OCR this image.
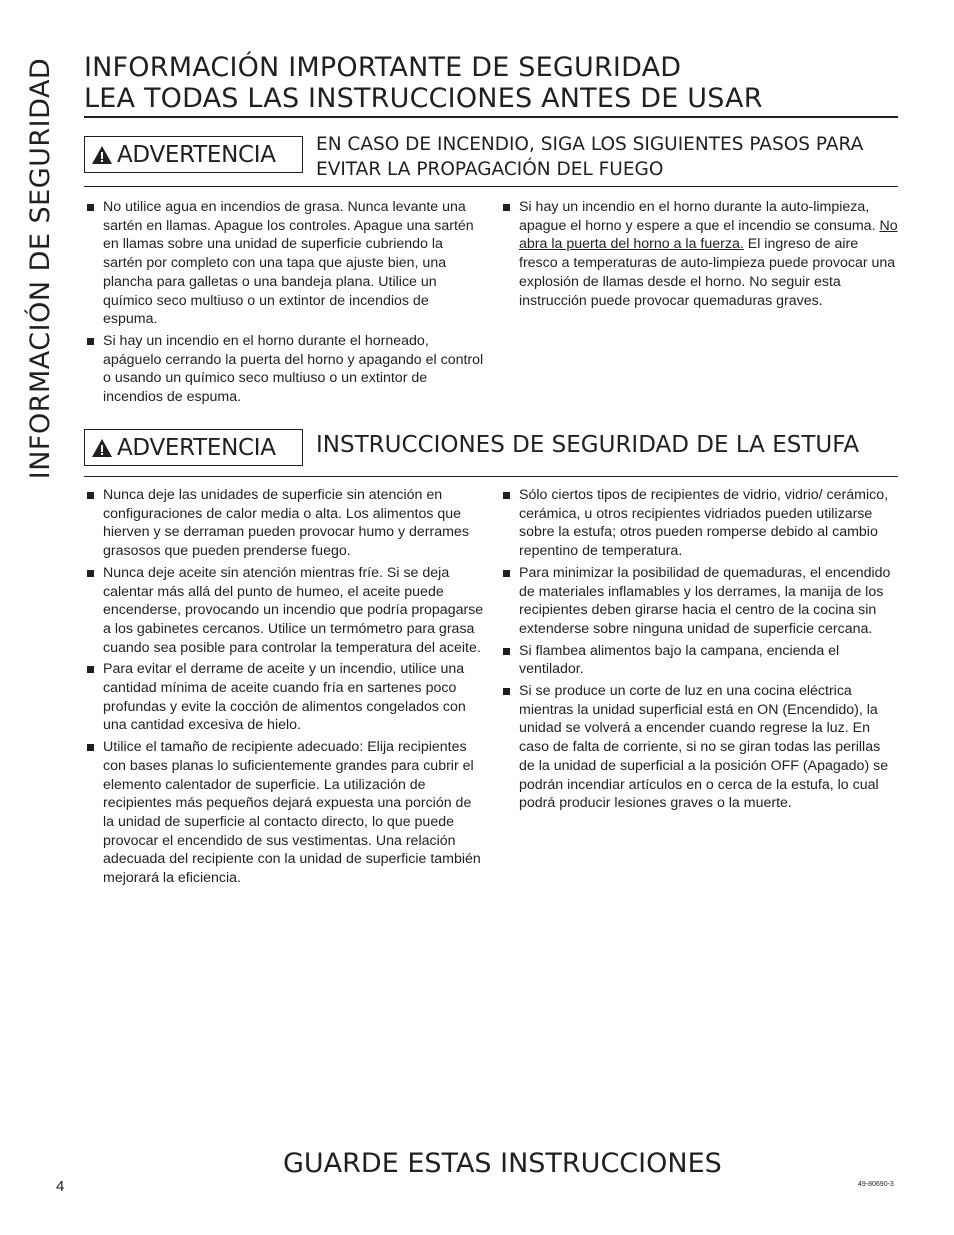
INFORMACIÓN DE SEGURIDAD INFORMACIÓN IMPORTANTE DE SEGURIDAD
LEA TODAS LAS INSTRUCCIONES ANTES DE USAR
ADVERTENCIA EN CASO DE INCENDIO, SIGA LOS SIGUIENTES PASOS PARA
EVITAR LA PROPAGACIÓN DEL FUEGO
No utilice agua en incendios de grasa. Nunca levante una sartén en llamas. Apague los controles. Apague una sartén en llamas sobre una unidad de superficie cubriendo la sartén por completo con una tapa que ajuste bien, una plancha para galletas o una bandeja plana. Utilice un químico seco multiuso o un extintor de incendios de espuma.
Si hay un incendio en el horno durante el horneado, apáguelo cerrando la puerta del horno y apagando el control o usando un químico seco multiuso o un extintor de incendios de espuma.
Si hay un incendio en el horno durante la auto-limpieza, apague el horno y espere a que el incendio se consuma. No abra la puerta del horno a la fuerza. El ingreso de aire fresco a temperaturas de auto-limpieza puede provocar una explosión de llamas desde el horno. No seguir esta instrucción puede provocar quemaduras graves.
ADVERTENCIA INSTRUCCIONES DE SEGURIDAD DE LA ESTUFA
Nunca deje las unidades de superficie sin atención en configuraciones de calor media o alta. Los alimentos que hierven y se derraman pueden provocar humo y derrames grasosos que pueden prenderse fuego.
Nunca deje aceite sin atención mientras fríe. Si se deja calentar más allá del punto de humeo, el aceite puede encenderse, provocando un incendio que podría propagarse a los gabinetes cercanos. Utilice un termómetro para grasa cuando sea posible para controlar la temperatura del aceite.
Para evitar el derrame de aceite y un incendio, utilice una cantidad mínima de aceite cuando fría en sartenes poco profundas y evite la cocción de alimentos congelados con una cantidad excesiva de hielo.
Utilice el tamaño de recipiente adecuado: Elija recipientes con bases planas lo suficientemente grandes para cubrir el elemento calentador de superficie. La utilización de recipientes más pequeños dejará expuesta una porción de la unidad de superficie al contacto directo, lo que puede provocar el encendido de sus vestimentas. Una relación adecuada del recipiente con la unidad de superficie también mejorará la eficiencia.
Sólo ciertos tipos de recipientes de vidrio, vidrio/ cerámico, cerámica, u otros recipientes vidriados pueden utilizarse sobre la estufa; otros pueden romperse debido al cambio repentino de temperatura.
Para minimizar la posibilidad de quemaduras, el encendido de materiales inflamables y los derrames, la manija de los recipientes deben girarse hacia el centro de la cocina sin extenderse sobre ninguna unidad de superficie cercana.
Si flambea alimentos bajo la campana, encienda el ventilador.
Si se produce un corte de luz en una cocina eléctrica mientras la unidad superficial está en ON (Encendido), la unidad se volverá a encender cuando regrese la luz. En caso de falta de corriente, si no se giran todas las perillas de la unidad de superficial a la posición OFF (Apagado) se podrán incendiar artículos en o cerca de la estufa, lo cual podrá producir lesiones graves o la muerte.
GUARDE ESTAS INSTRUCCIONES
4	49-80690-3
